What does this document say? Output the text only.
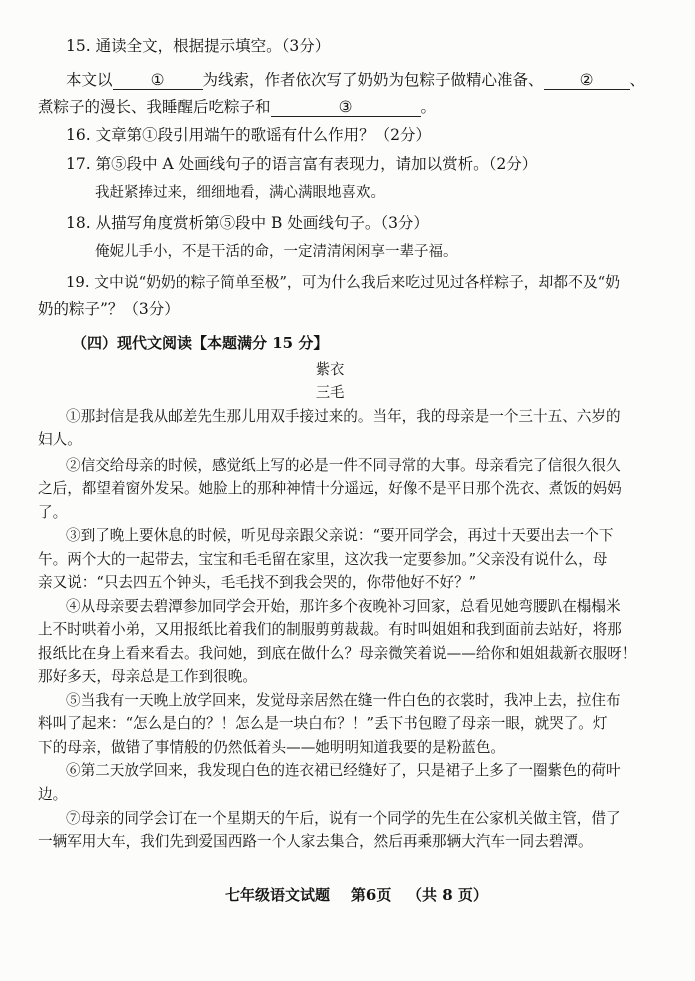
15. 通读全文，根据提示填空。（3分）
本文以 ① 为线索，作者依次写了奶奶为包粽子做精心准备、 ② 、
煮粽子的漫长、我睡醒后吃粽子和	③	。
16. 文章第①段引用端午的歌谣有什么作用？（2分）
17. 第⑤段中 A 处画线句子的语言富有表现力，请加以赏析。（2分）
我赶紧捧过来，细细地看，满心满眼地喜欢。
18. 从描写角度赏析第⑤段中 B 处画线句子。（3分）
俺妮儿手小，不是干活的命，一定清清闲闲享一辈子福。
19. 文中说“奶奶的粽子简单至极”，可为什么我后来吃过见过各样粽子，却都不及“奶
奶的粽子”？（3分）
（四）现代文阅读【本题满分 15 分】
紫衣
三毛
①那封信是我从邮差先生那儿用双手接过来的。当年，我的母亲是一个三十五、六岁的
妇人。
②信交给母亲的时候，感觉纸上写的必是一件不同寻常的大事。母亲看完了信很久很久
之后，都望着窗外发呆。她脸上的那种神情十分遥远，好像不是平日那个洗衣、煮饭的妈妈
了。
③到了晚上要休息的时候，听见母亲跟父亲说：“要开同学会，再过十天要出去一个下
午。两个大的一起带去，宝宝和毛毛留在家里，这次我一定要参加。”父亲没有说什么，母
亲又说：“只去四五个钟头，毛毛找不到我会哭的，你带他好不好？”
④从母亲要去碧潭参加同学会开始，那许多个夜晚补习回家，总看见她弯腰趴在榻榻米
上不时哄着小弟，又用报纸比着我们的制服剪剪裁裁。有时叫姐姐和我到面前去站好，将那
报纸比在身上看来看去。我问她，到底在做什么？母亲微笑着说——给你和姐姐裁新衣服呀！
那好多天，母亲总是工作到很晚。
⑤当我有一天晚上放学回来，发觉母亲居然在缝一件白色的衣裳时，我冲上去，拉住布
料叫了起来：“怎么是白的？！怎么是一块白布？！”丢下书包瞪了母亲一眼，就哭了。灯
下的母亲，做错了事情般的仍然低着头——她明明知道我要的是粉蓝色。
⑥第二天放学回来，我发现白色的连衣裙已经缝好了，只是裙子上多了一圈紫色的荷叶
边。
⑦母亲的同学会订在一个星期天的午后，说有一个同学的先生在公家机关做主管，借了
一辆军用大车，我们先到爱国西路一个人家去集合，然后再乘那辆大汽车一同去碧潭。
七年级语文试题 第6页 （共 8 页）
